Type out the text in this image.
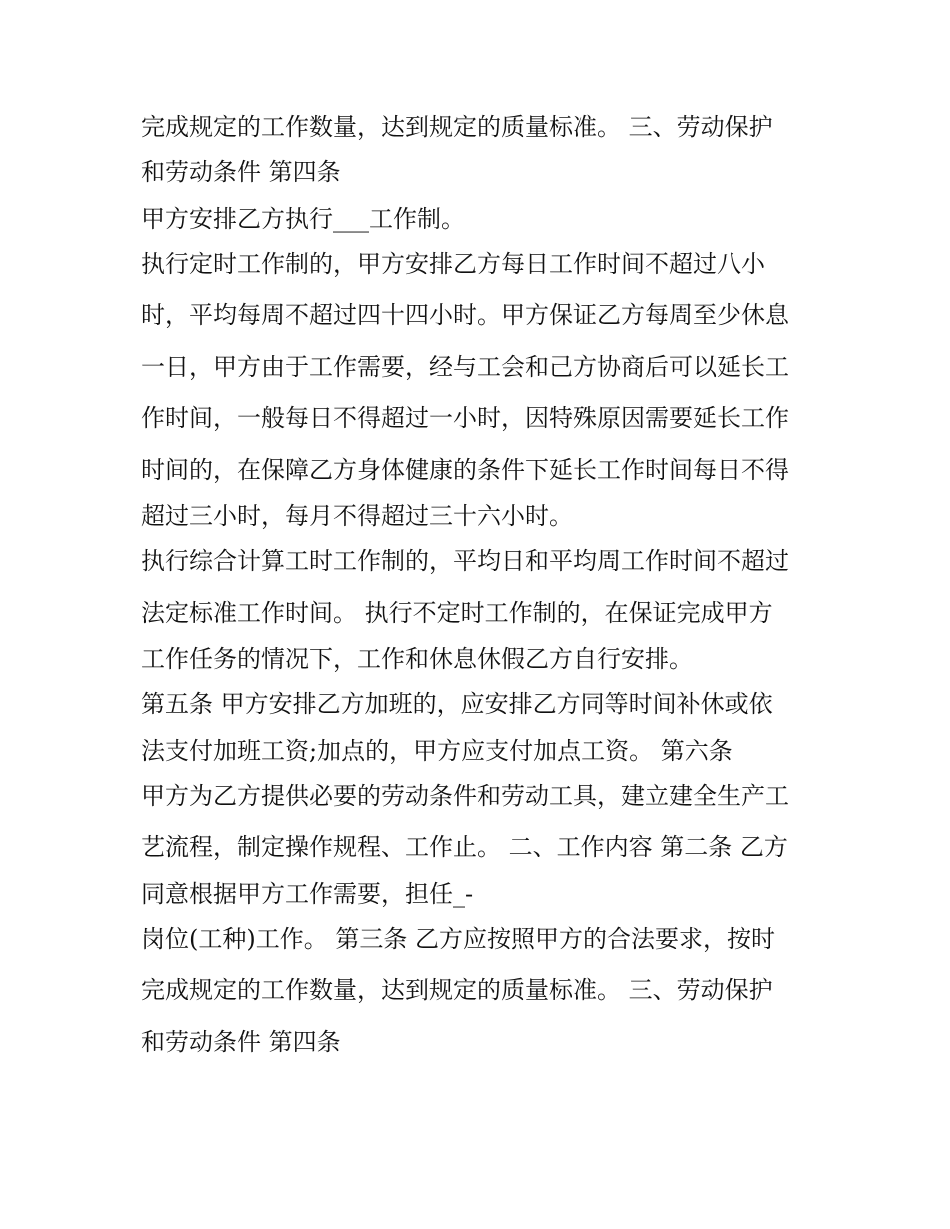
完成规定的工作数量，达到规定的质量标准。 三、劳动保护
和劳动条件 第四条
甲方安排乙方执行___工作制。
执行定时工作制的，甲方安排乙方每日工作时间不超过八小
时，平均每周不超过四十四小时。甲方保证乙方每周至少休息
一日，甲方由于工作需要，经与工会和己方协商后可以延长工
作时间，一般每日不得超过一小时，因特殊原因需要延长工作
时间的，在保障乙方身体健康的条件下延长工作时间每日不得
超过三小时，每月不得超过三十六小时。
执行综合计算工时工作制的，平均日和平均周工作时间不超过
法定标准工作时间。 执行不定时工作制的，在保证完成甲方
工作任务的情况下，工作和休息休假乙方自行安排。
第五条 甲方安排乙方加班的，应安排乙方同等时间补休或依
法支付加班工资;加点的，甲方应支付加点工资。 第六条
甲方为乙方提供必要的劳动条件和劳动工具，建立建全生产工
艺流程，制定操作规程、工作止。 二、工作内容 第二条 乙方
同意根据甲方工作需要，担任_-
岗位(工种)工作。 第三条 乙方应按照甲方的合法要求，按时
完成规定的工作数量，达到规定的质量标准。 三、劳动保护
和劳动条件 第四条
